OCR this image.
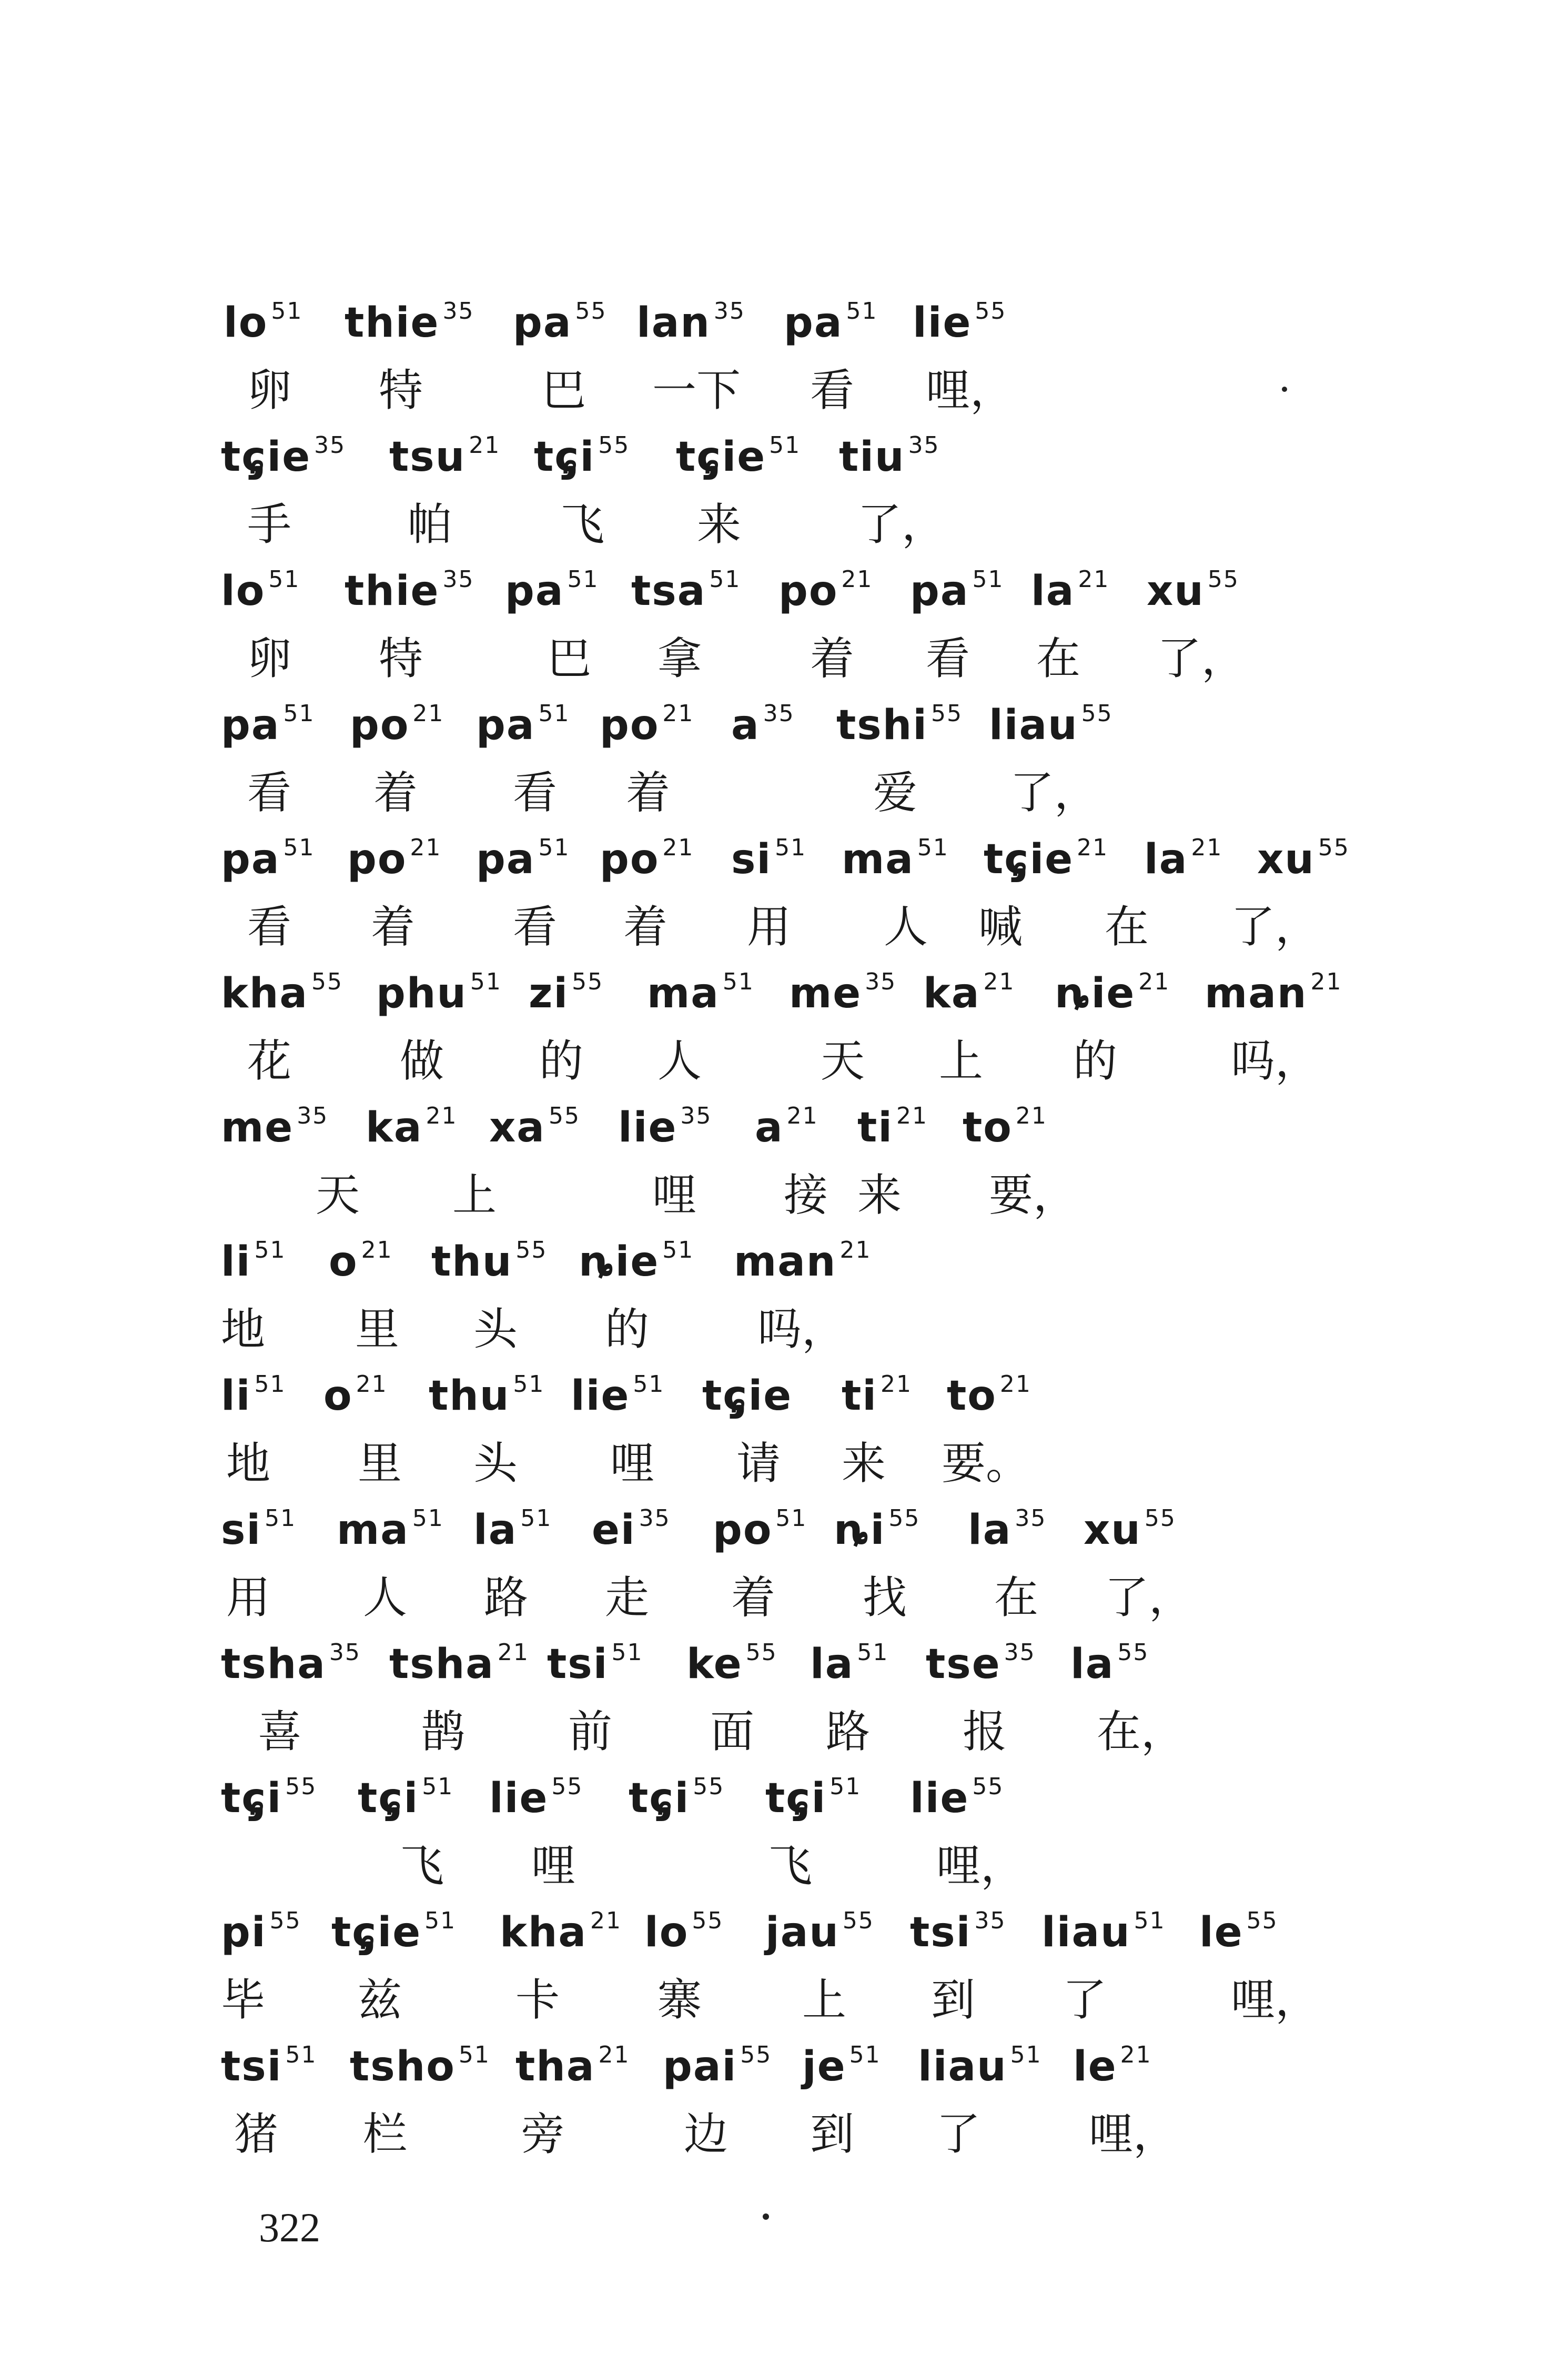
lo $^{51}$ thie $^{35}$ pa $^{55}$ lan $^{35}$ pa $^{51}$ lie $^{55}$
卵 特	巴 一下 看 哩，
tɕ̡ie $^{35}$ tsu $^{21}$ tɕ̡i $^{55}$ tɕ̡ie $^{51}$ tiu $^{35}$
手	帕 飞 来	了，
lo $^{51}$ thie $^{35}$ pa $^{51}$ tsa $^{51}$ po $^{21}$ pa $^{51}$ la $^{21}$ xu $^{55}$
卵 特	巴 拿 着 看 在 了，
pa $^{51}$ po $^{21}$ pa $^{51}$ po $^{21}$ a $^{35}$ tshi $^{55}$ liau $^{55}$
看 着 看 着	爱 了，
pa $^{51}$ po $^{21}$ pa $^{51}$ po $^{21}$ si $^{51}$ ma $^{51}$ tɕ̡ie $^{21}$ la $^{21}$ xu $^{55}$
看 着 看 着 用 人 喊 在 了，
kha $^{55}$ phu $^{51}$ zi $^{55}$ ma $^{51}$ me $^{35}$ ka $^{21}$ ȵie $^{21}$ man $^{21}$
花 做 的 人	天 上 的	吗，
me $^{35}$ ka $^{21}$ xa $^{55}$ lie $^{35}$ a $^{21}$ ti $^{21}$ to $^{21}$
天 上	哩 接 来 要，
li $^{51}$ o $^{21}$ thu $^{55}$ ȵie $^{51}$ man $^{21}$
地 里 头 的 吗，
li $^{51}$ o $^{21}$ thu $^{51}$ lie $^{51}$ tɕ̡ie ti $^{21}$ to $^{21}$
地 里 头 哩 请 来 要。
si $^{51}$ ma $^{51}$ la $^{51}$ ei $^{35}$ po $^{51}$ ȵi $^{55}$ la $^{35}$ xu $^{55}$
用 人 路 走 着 找 在 了，
tsha $^{35}$ tsha $^{21}$ tsi $^{51}$ ke $^{55}$ la $^{51}$ tse $^{35}$ la $^{55}$
喜	鹊 前 面 路 报 在，
tɕ̡i $^{55}$ tɕ̡i $^{51}$ lie $^{55}$ tɕ̡i $^{55}$ tɕ̡i $^{51}$ lie $^{55}$
飞 哩	飞	哩，
pi $^{55}$ tɕ̡ie $^{51}$ kha $^{21}$ lo $^{55}$ jau $^{55}$ tsi $^{35}$ liau $^{51}$ le $^{55}$
毕 兹	卡 寨 上 到 了	哩，
tsi $^{51}$ tsho $^{51}$ tha $^{21}$ pai $^{55}$ je $^{51}$ liau $^{51}$ le $^{21}$
猪 栏	旁	边 到 了 哩，
322
